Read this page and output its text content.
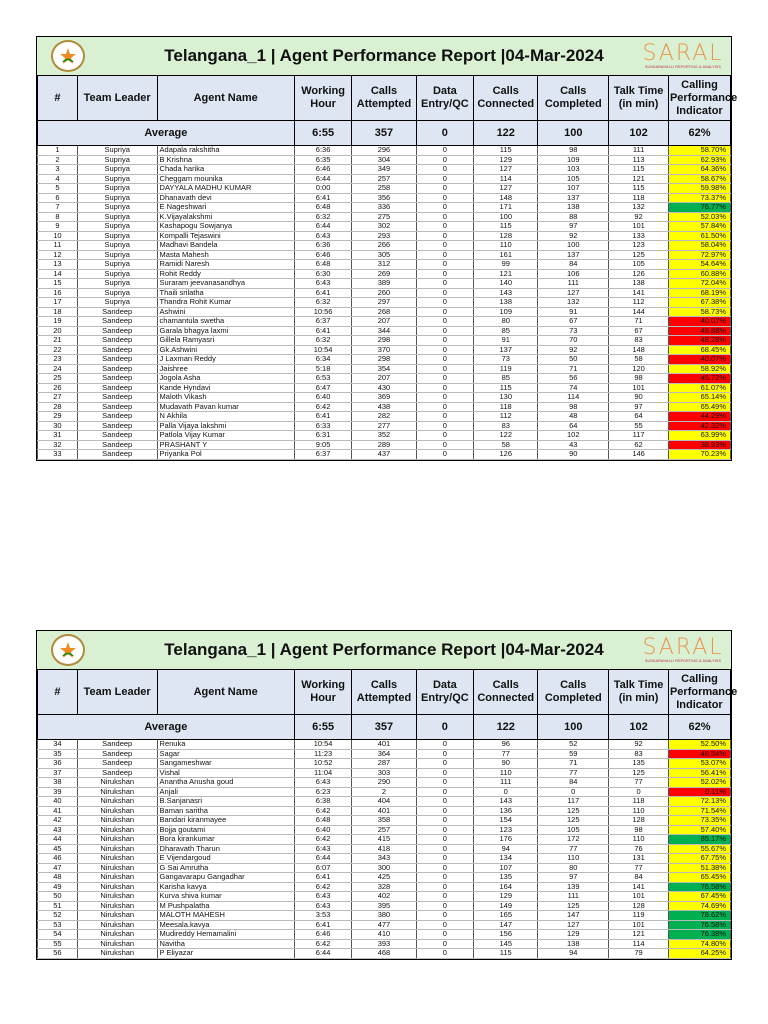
Telangana_1 | Agent Performance Report |04-Mar-2024 SARAL
SUNDARAHALLI REPORTING & ANALYSIS
#	Team Leader	Agent Name	Working Hour	Calls Attempted	Data Entry/QC	Calls Connected	Calls Completed	Talk Time (in min)	Calling Performance Indicator
Average			6:55	357	0	122	100	102	62%
1	Supriya	Adapala rakshitha	6:36	296	0	115	98	111	58.70%
2	Supriya	B Krishna	6:35	304	0	129	109	113	62.93%
3	Supriya	Chada harika	6:46	349	0	127	103	115	64.36%
4	Supriya	Cheggam mounika	6:44	257	0	114	105	121	58.67%
5	Supriya	DAYYALA MADHU KUMAR	0:00	258	0	127	107	115	59.98%
6	Supriya	Dhanavath devi	6:41	356	0	148	137	118	73.37%
7	Supriya	E Nageshwari	6:48	336	0	171	138	132	76.77%
8	Supriya	K.Vijayalakshmi	6:32	275	0	100	88	92	52.03%
9	Supriya	Kashapogu Sowjanya	6:44	302	0	115	97	101	57.84%
10	Supriya	Kompalli Tejaswini	6:43	293	0	128	92	133	61.50%
11	Supriya	Madhavi Bandela	6:36	266	0	110	100	123	58.04%
12	Supriya	Masta Mahesh	6:46	305	0	161	137	125	72.97%
13	Supriya	Ramidi Naresh	6:48	312	0	99	84	105	54.64%
14	Supriya	Rohit Reddy	6:30	269	0	121	106	126	60.88%
15	Supriya	Suraram jeevanasandhya	6:43	389	0	140	111	138	72.04%
16	Supriya	Thaili srilatha	6:41	260	0	143	127	141	68.19%
17	Supriya	Thandra Rohit Kumar	6:32	297	0	138	132	112	67.38%
18	Sandeep	Ashwini	10:56	268	0	109	91	144	58.73%
19	Sandeep	chamantula swetha	6:37	207	0	80	67	71	40.07%
20	Sandeep	Garala bhagya laxmi	6:41	344	0	85	73	67	48.88%
21	Sandeep	Gillela Ramyasri	6:32	298	0	91	70	83	48.28%
22	Sandeep	Gk.Ashwini	10:54	370	0	137	92	148	68.45%
23	Sandeep	J Laxman Reddy	6:34	298	0	73	50	58	40.07%
24	Sandeep	Jaishree	5:18	354	0	119	71	120	58.92%
25	Sandeep	Jogola Asha	6:53	207	0	85	56	98	45.72%
26	Sandeep	Kande Hyndavi	6:47	430	0	115	74	101	61.07%
27	Sandeep	Maloth Vikash	6:40	369	0	130	114	90	65.14%
28	Sandeep	Mudavath Pavan kumar	6:42	438	0	118	98	97	65.49%
29	Sandeep	N Akhila	6:41	282	0	112	48	64	44.29%
30	Sandeep	Palla Vijaya lakshmi	6:33	277	0	83	64	55	42.32%
31	Sandeep	Patlola Vijay Kumar	6:31	352	0	122	102	117	63.99%
32	Sandeep	PRASHANT Y	9:05	289	0	58	43	62	38.93%
33	Sandeep	Priyanka Pol	6:37	437	0	126	90	146	70.23%
Telangana_1 | Agent Performance Report |04-Mar-2024 SARAL
SUNDARAHALLI REPORTING & ANALYSIS
#	Team Leader	Agent Name	Working Hour	Calls Attempted	Data Entry/QC	Calls Connected	Calls Completed	Talk Time (in min)	Calling Performance Indicator
Average			6:55	357	0	122	100	102	62%
34	Sandeep	Renuka	10:54	401	0	96	52	92	52.50%
35	Sandeep	Sagar	11:23	364	0	77	59	83	48.54%
36	Sandeep	Sangameshwar	10:52	287	0	90	71	135	53.07%
37	Sandeep	Vishal	11:04	303	0	110	77	125	56.41%
38	Nirukshan	Anantha Anusha goud	6:43	290	0	111	84	77	52.02%
39	Nirukshan	Anjali	6:23	2	0	0	0	0	0.11%
40	Nirukshan	B.Sanjanasri	6:38	404	0	143	117	118	72.13%
41	Nirukshan	Baman saritha	6:42	401	0	136	125	110	71.54%
42	Nirukshan	Bandari kiranmayee	6:48	358	0	154	125	128	73.35%
43	Nirukshan	Bojja goutami	6:40	257	0	123	105	98	57.40%
44	Nirukshan	Bora kirankumar	6:42	415	0	176	172	110	85.17%
45	Nirukshan	Dharavath Tharun	6:43	418	0	94	77	76	55.67%
46	Nirukshan	E Vijendargoud	6:44	343	0	134	110	131	67.75%
47	Nirukshan	G Sai Amrutha	6:07	300	0	107	80	77	51.38%
48	Nirukshan	Gangavarapu Gangadhar	6:41	425	0	135	97	84	65.45%
49	Nirukshan	Karisha kavya	6:42	328	0	164	139	141	76.58%
50	Nirukshan	Kurva shiva kumar	6:43	402	0	129	111	101	67.45%
51	Nirukshan	M Pushpalatha	6:43	395	0	149	125	128	74.69%
52	Nirukshan	MALOTH MAHESH	3:53	380	0	165	147	119	78.62%
53	Nirukshan	Meesala.kavya	6:41	477	0	147	127	101	76.58%
54	Nirukshan	Mudireddy Hemamalini	6:46	410	0	156	129	121	76.38%
55	Nirukshan	Navitha	6:42	393	0	145	138	114	74.80%
56	Nirukshan	P Eliyazar	6:44	468	0	115	94	79	64.25%
